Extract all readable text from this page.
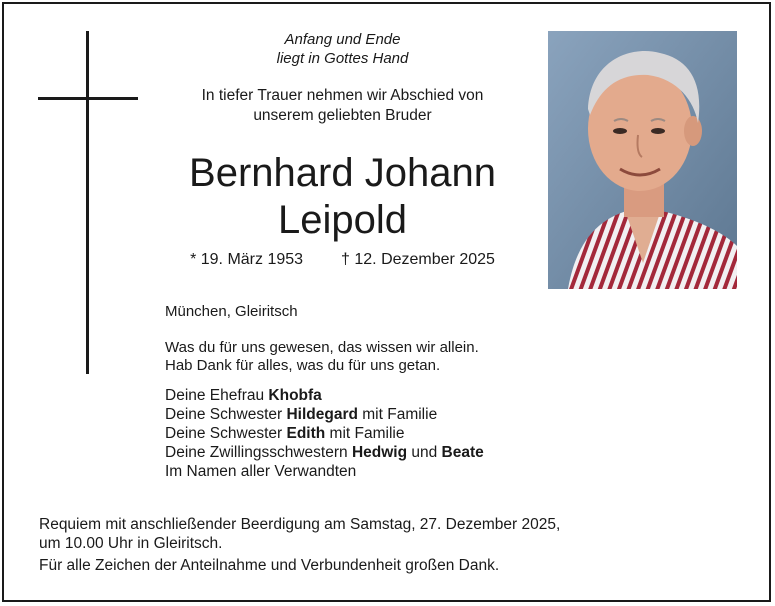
Anfang und Ende
liegt in Gottes Hand
In tiefer Trauer nehmen wir Abschied von
unserem geliebten Bruder
Bernhard Johann
Leipold
* 19. März 1953 † 12. Dezember 2025
München, Gleiritsch
Was du für uns gewesen, das wissen wir allein.
Hab Dank für alles, was du für uns getan.
Deine Ehefrau Khobfa
Deine Schwester Hildegard mit Familie
Deine Schwester Edith mit Familie
Deine Zwillingsschwestern Hedwig und Beate
Im Namen aller Verwandten
Requiem mit anschließender Beerdigung am Samstag, 27. Dezember 2025,
um 10.00 Uhr in Gleiritsch.
Für alle Zeichen der Anteilnahme und Verbundenheit großen Dank.
